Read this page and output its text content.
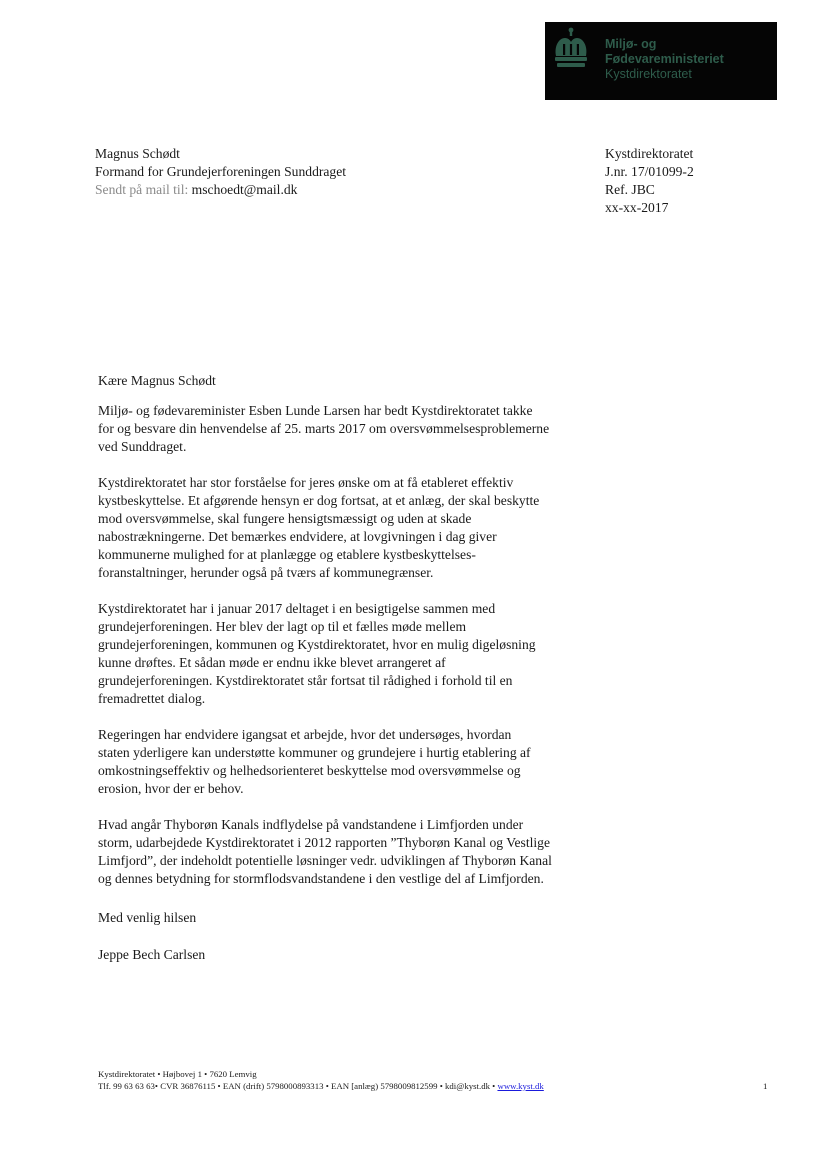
Miljø- og
Fødevareministeriet
Kystdirektoratet
Magnus Schødt
Formand for Grundejerforeningen Sunddraget
Sendt på mail til: mschoedt@mail.dk
Kystdirektoratet
J.nr. 17/01099-2
Ref. JBC
xx-xx-2017

Kære Magnus Schødt

Miljø- og fødevareminister Esben Lunde Larsen har bedt Kystdirektoratet takke

for og besvare din henvendelse af 25. marts 2017 om oversvømmelsesproblemerne

ved Sunddraget.

Kystdirektoratet har stor forståelse for jeres ønske om at få etableret effektiv

kystbeskyttelse. Et afgørende hensyn er dog fortsat, at et anlæg, der skal beskytte

mod oversvømmelse, skal fungere hensigtsmæssigt og uden at skade

nabostrækningerne. Det bemærkes endvidere, at lovgivningen i dag giver

kommunerne mulighed for at planlægge og etablere kystbeskyttelses-

foranstaltninger, herunder også på tværs af kommunegrænser.

Kystdirektoratet har i januar 2017 deltaget i en besigtigelse sammen med

grundejerforeningen. Her blev der lagt op til et fælles møde mellem

grundejerforeningen, kommunen og Kystdirektoratet, hvor en mulig digeløsning

kunne drøftes. Et sådan møde er endnu ikke blevet arrangeret af

grundejerforeningen. Kystdirektoratet står fortsat til rådighed i forhold til en

fremadrettet dialog.

Regeringen har endvidere igangsat et arbejde, hvor det undersøges, hvordan

staten yderligere kan understøtte kommuner og grundejere i hurtig etablering af

omkostningseffektiv og helhedsorienteret beskyttelse mod oversvømmelse og

erosion, hvor der er behov.

Hvad angår Thyborøn Kanals indflydelse på vandstandene i Limfjorden under

storm, udarbejdede Kystdirektoratet i 2012 rapporten ”Thyborøn Kanal og Vestlige

Limfjord”, der indeholdt potentielle løsninger vedr. udviklingen af Thyborøn Kanal

og dennes betydning for stormflodsvandstandene i den vestlige del af Limfjorden.

Med venlig hilsen
Jeppe Bech Carlsen
Kystdirektoratet • Højbovej 1 • 7620 Lemvig
Tlf. 99 63 63 63• CVR 36876115 • EAN (drift) 5798000893313 • EAN [anlæg) 5798009812599 • kdi@kyst.dk • www.kyst.dk	1
